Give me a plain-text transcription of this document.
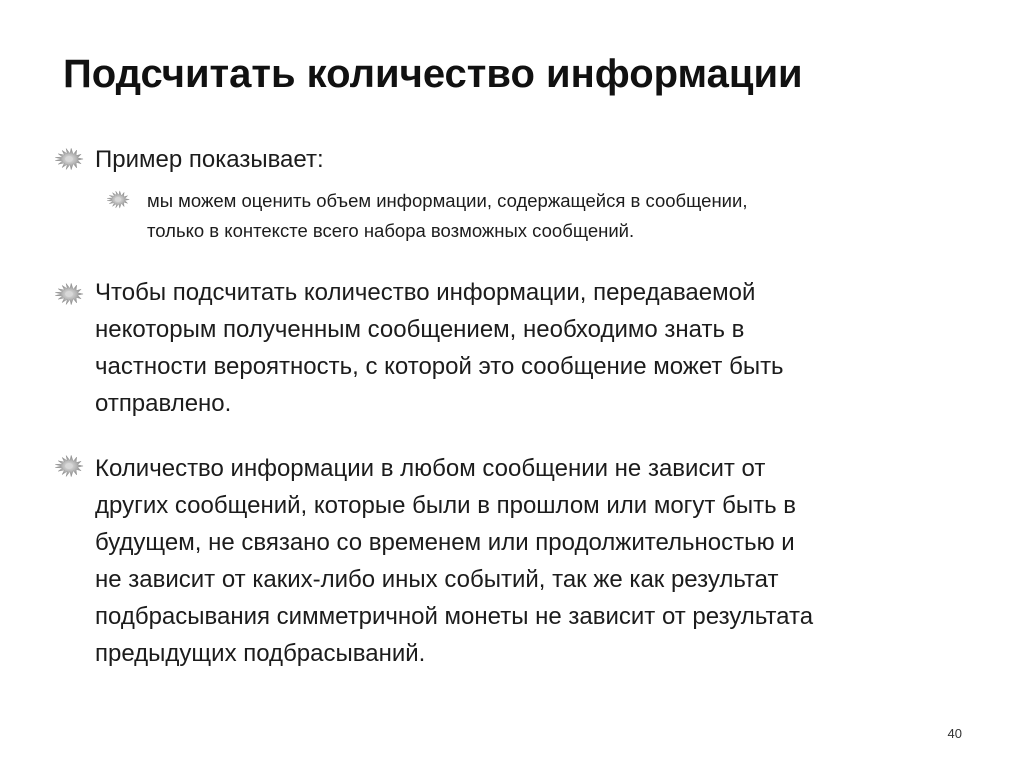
Подсчитать количество информации

Пример показывает:

мы можем оценить объем информации, содержащейся в сообщении,
только в контексте всего набора возможных сообщений.

Чтобы подсчитать количество информации, передаваемой
некоторым полученным сообщением, необходимо знать в
частности вероятность, с которой это сообщение может быть
отправлено.

Количество информации в любом сообщении не зависит от
других сообщений, которые были в прошлом или могут быть в
будущем, не связано со временем или продолжительностью и
не зависит от каких-либо иных событий, так же как результат
подбрасывания симметричной монеты не зависит от результата
предыдущих подбрасываний.

40
